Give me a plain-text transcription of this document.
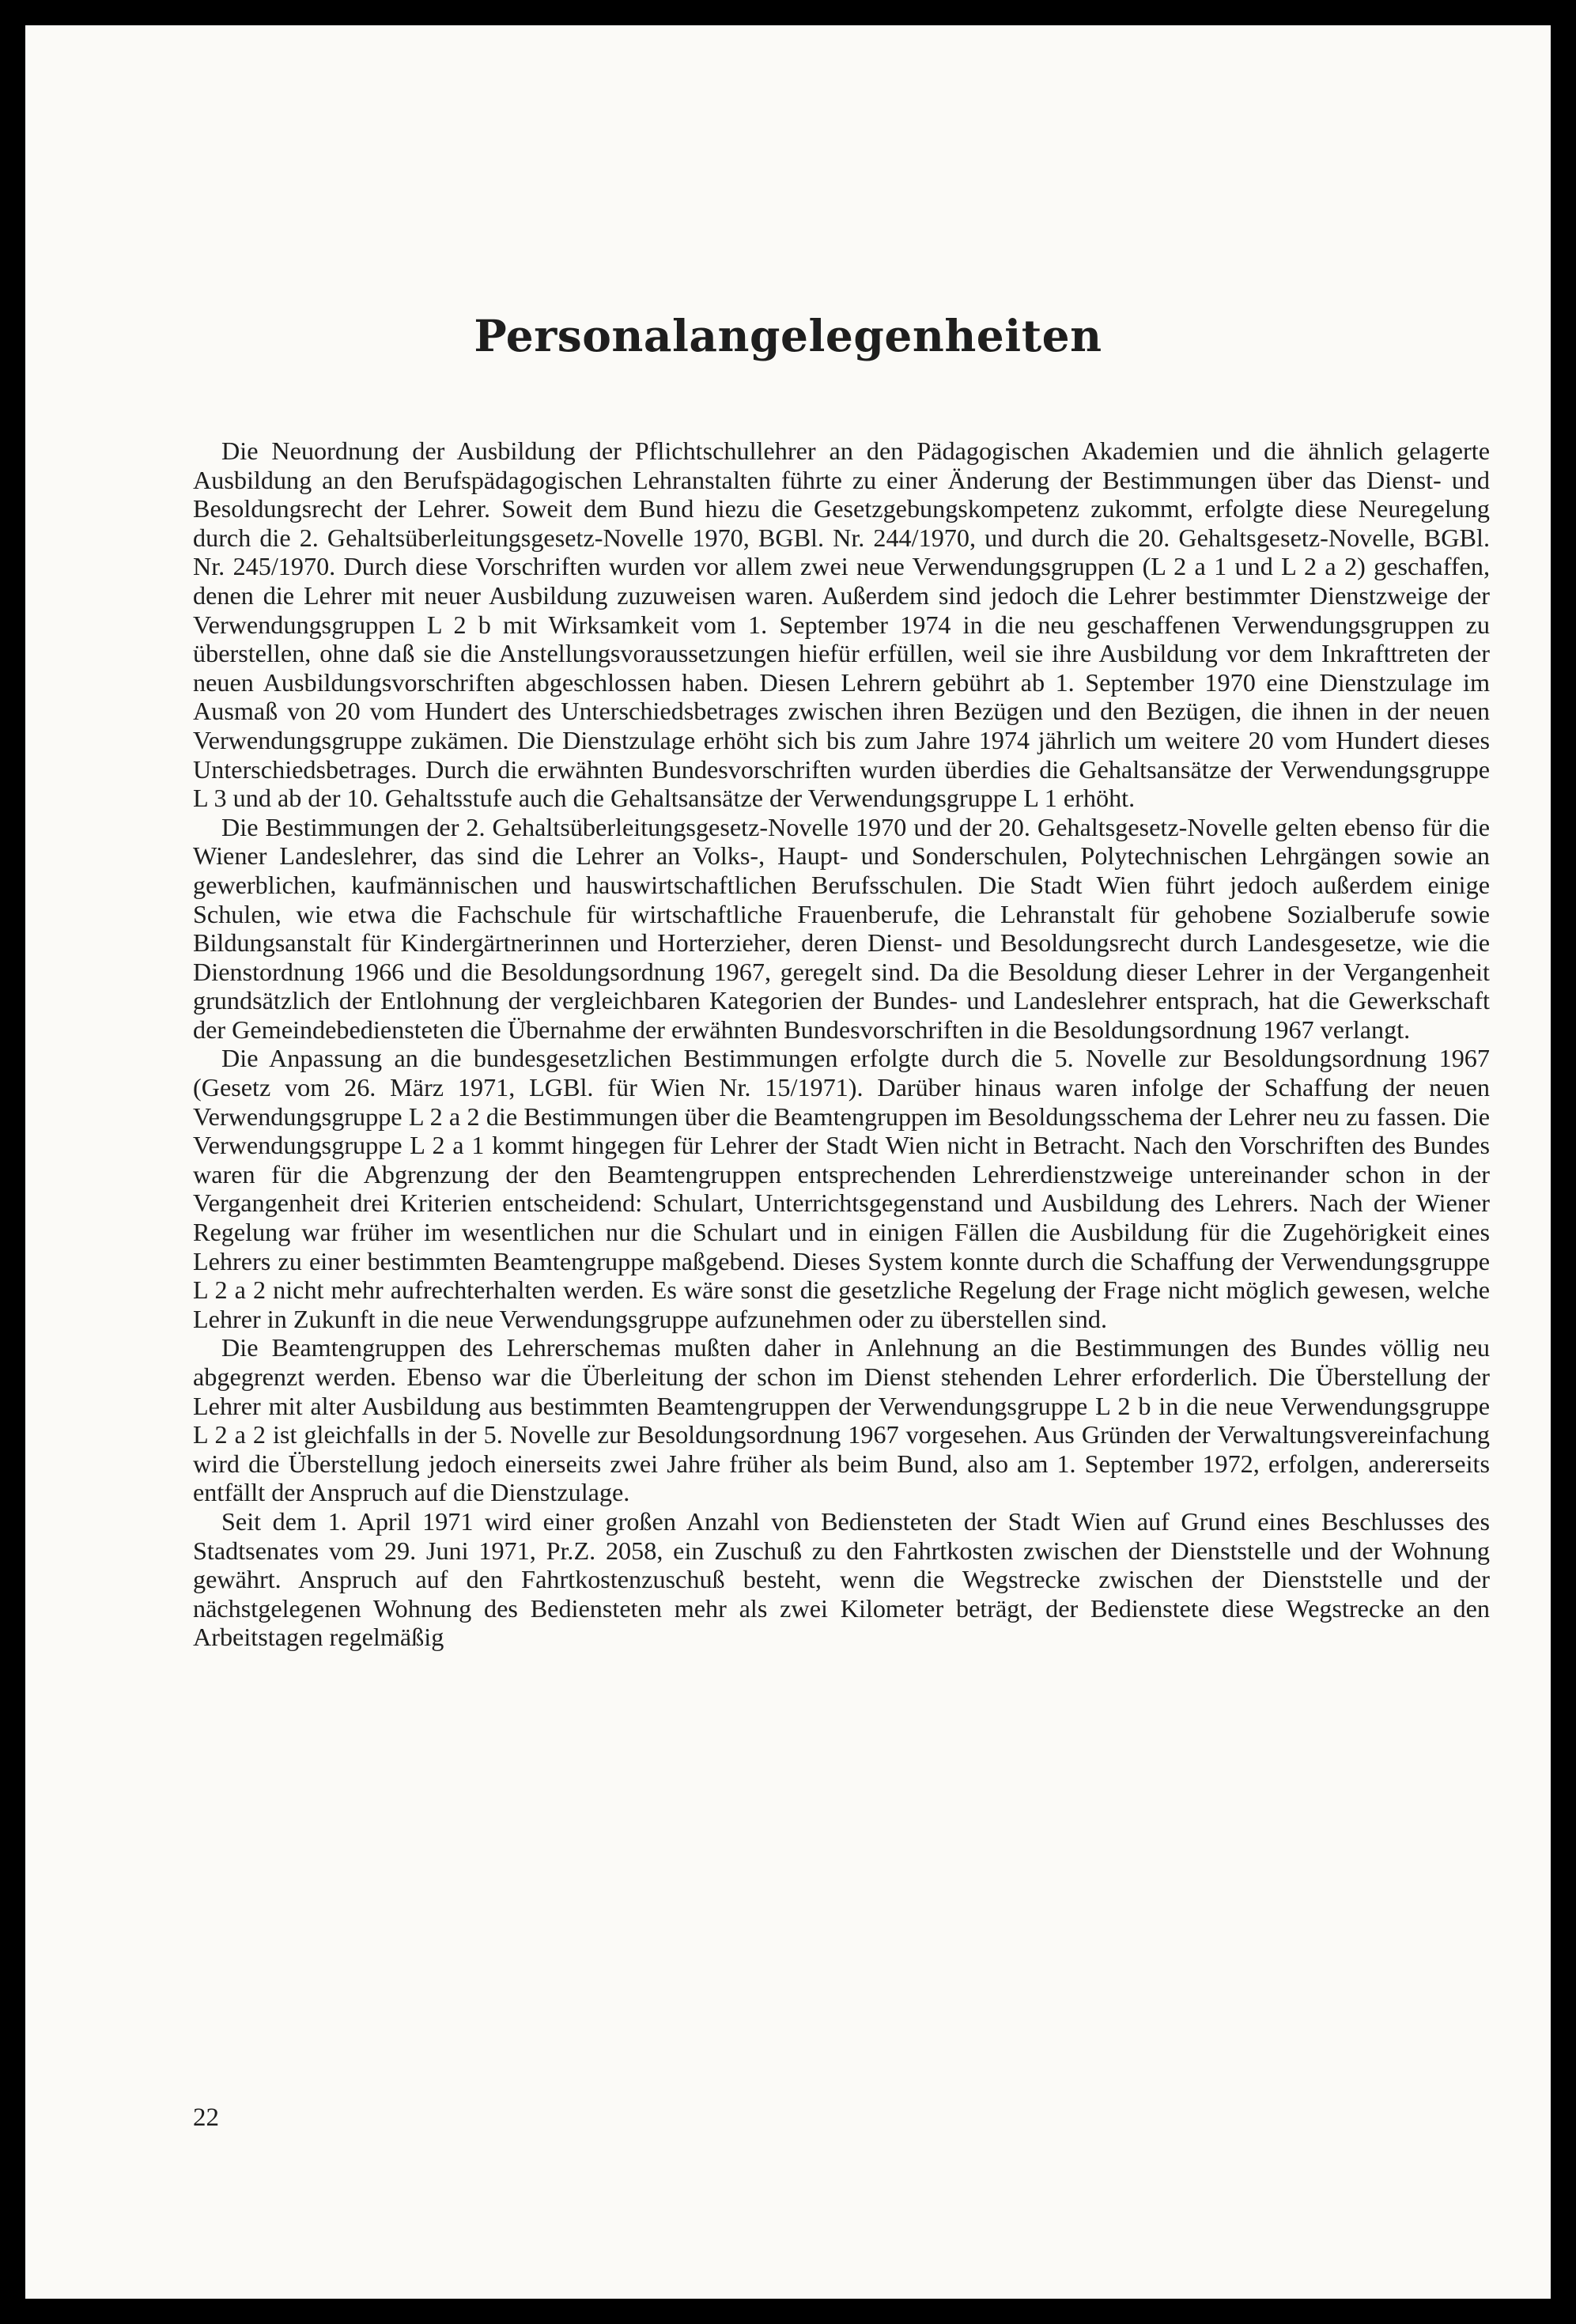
Personalangelegenheiten

Die Neuordnung der Ausbildung der Pflichtschullehrer an den Pädagogischen Akademien und die ähnlich gelagerte Ausbildung an den Berufspädagogischen Lehranstalten führte zu einer Änderung der Bestimmungen über das Dienst- und Besoldungsrecht der Lehrer. Soweit dem Bund hiezu die Gesetzgebungskompetenz zukommt, erfolgte diese Neuregelung durch die 2. Gehaltsüberleitungsgesetz-Novelle 1970, BGBl. Nr. 244/1970, und durch die 20. Gehaltsgesetz-Novelle, BGBl. Nr. 245/1970. Durch diese Vorschriften wurden vor allem zwei neue Verwendungsgruppen (L 2 a 1 und L 2 a 2) geschaffen, denen die Lehrer mit neuer Ausbildung zuzuweisen waren. Außerdem sind jedoch die Lehrer bestimmter Dienstzweige der Verwendungsgruppen L 2 b mit Wirksamkeit vom 1. September 1974 in die neu geschaffenen Verwendungsgruppen zu überstellen, ohne daß sie die Anstellungsvoraussetzungen hiefür erfüllen, weil sie ihre Ausbildung vor dem Inkrafttreten der neuen Ausbildungsvorschriften abgeschlossen haben. Diesen Lehrern gebührt ab 1. September 1970 eine Dienstzulage im Ausmaß von 20 vom Hundert des Unterschiedsbetrages zwischen ihren Bezügen und den Bezügen, die ihnen in der neuen Verwendungsgruppe zukämen. Die Dienstzulage erhöht sich bis zum Jahre 1974 jährlich um weitere 20 vom Hundert dieses Unterschiedsbetrages. Durch die erwähnten Bundesvorschriften wurden überdies die Gehaltsansätze der Verwendungsgruppe L 3 und ab der 10. Gehaltsstufe auch die Gehaltsansätze der Verwendungsgruppe L 1 erhöht.

Die Bestimmungen der 2. Gehaltsüberleitungsgesetz-Novelle 1970 und der 20. Gehaltsgesetz-Novelle gelten ebenso für die Wiener Landeslehrer, das sind die Lehrer an Volks-, Haupt- und Sonderschulen, Polytechnischen Lehrgängen sowie an gewerblichen, kaufmännischen und hauswirtschaftlichen Berufsschulen. Die Stadt Wien führt jedoch außerdem einige Schulen, wie etwa die Fachschule für wirtschaftliche Frauenberufe, die Lehranstalt für gehobene Sozialberufe sowie Bildungsanstalt für Kindergärtnerinnen und Horterzieher, deren Dienst- und Besoldungsrecht durch Landesgesetze, wie die Dienstordnung 1966 und die Besoldungsordnung 1967, geregelt sind. Da die Besoldung dieser Lehrer in der Vergangenheit grundsätzlich der Entlohnung der vergleichbaren Kategorien der Bundes- und Landeslehrer entsprach, hat die Gewerkschaft der Gemeindebediensteten die Übernahme der erwähnten Bundesvorschriften in die Besoldungsordnung 1967 verlangt.

Die Anpassung an die bundesgesetzlichen Bestimmungen erfolgte durch die 5. Novelle zur Besoldungsordnung 1967 (Gesetz vom 26. März 1971, LGBl. für Wien Nr. 15/1971). Darüber hinaus waren infolge der Schaffung der neuen Verwendungsgruppe L 2 a 2 die Bestimmungen über die Beamtengruppen im Besoldungsschema der Lehrer neu zu fassen. Die Verwendungsgruppe L 2 a 1 kommt hingegen für Lehrer der Stadt Wien nicht in Betracht. Nach den Vorschriften des Bundes waren für die Abgrenzung der den Beamtengruppen entsprechenden Lehrerdienstzweige untereinander schon in der Vergangenheit drei Kriterien entscheidend: Schulart, Unterrichtsgegenstand und Ausbildung des Lehrers. Nach der Wiener Regelung war früher im wesentlichen nur die Schulart und in einigen Fällen die Ausbildung für die Zugehörigkeit eines Lehrers zu einer bestimmten Beamtengruppe maßgebend. Dieses System konnte durch die Schaffung der Verwendungsgruppe L 2 a 2 nicht mehr aufrechterhalten werden. Es wäre sonst die gesetzliche Regelung der Frage nicht möglich gewesen, welche Lehrer in Zukunft in die neue Verwendungsgruppe aufzunehmen oder zu überstellen sind.

Die Beamtengruppen des Lehrerschemas mußten daher in Anlehnung an die Bestimmungen des Bundes völlig neu abgegrenzt werden. Ebenso war die Überleitung der schon im Dienst stehenden Lehrer erforderlich. Die Überstellung der Lehrer mit alter Ausbildung aus bestimmten Beamtengruppen der Verwendungsgruppe L 2 b in die neue Verwendungsgruppe L 2 a 2 ist gleichfalls in der 5. Novelle zur Besoldungsordnung 1967 vorgesehen. Aus Gründen der Verwaltungsvereinfachung wird die Überstellung jedoch einerseits zwei Jahre früher als beim Bund, also am 1. September 1972, erfolgen, andererseits entfällt der Anspruch auf die Dienstzulage.

Seit dem 1. April 1971 wird einer großen Anzahl von Bediensteten der Stadt Wien auf Grund eines Beschlusses des Stadtsenates vom 29. Juni 1971, Pr.Z. 2058, ein Zuschuß zu den Fahrtkosten zwischen der Dienststelle und der Wohnung gewährt. Anspruch auf den Fahrtkostenzuschuß besteht, wenn die Wegstrecke zwischen der Dienststelle und der nächstgelegenen Wohnung des Bediensteten mehr als zwei Kilometer beträgt, der Bedienstete diese Wegstrecke an den Arbeitstagen regelmäßig

22
